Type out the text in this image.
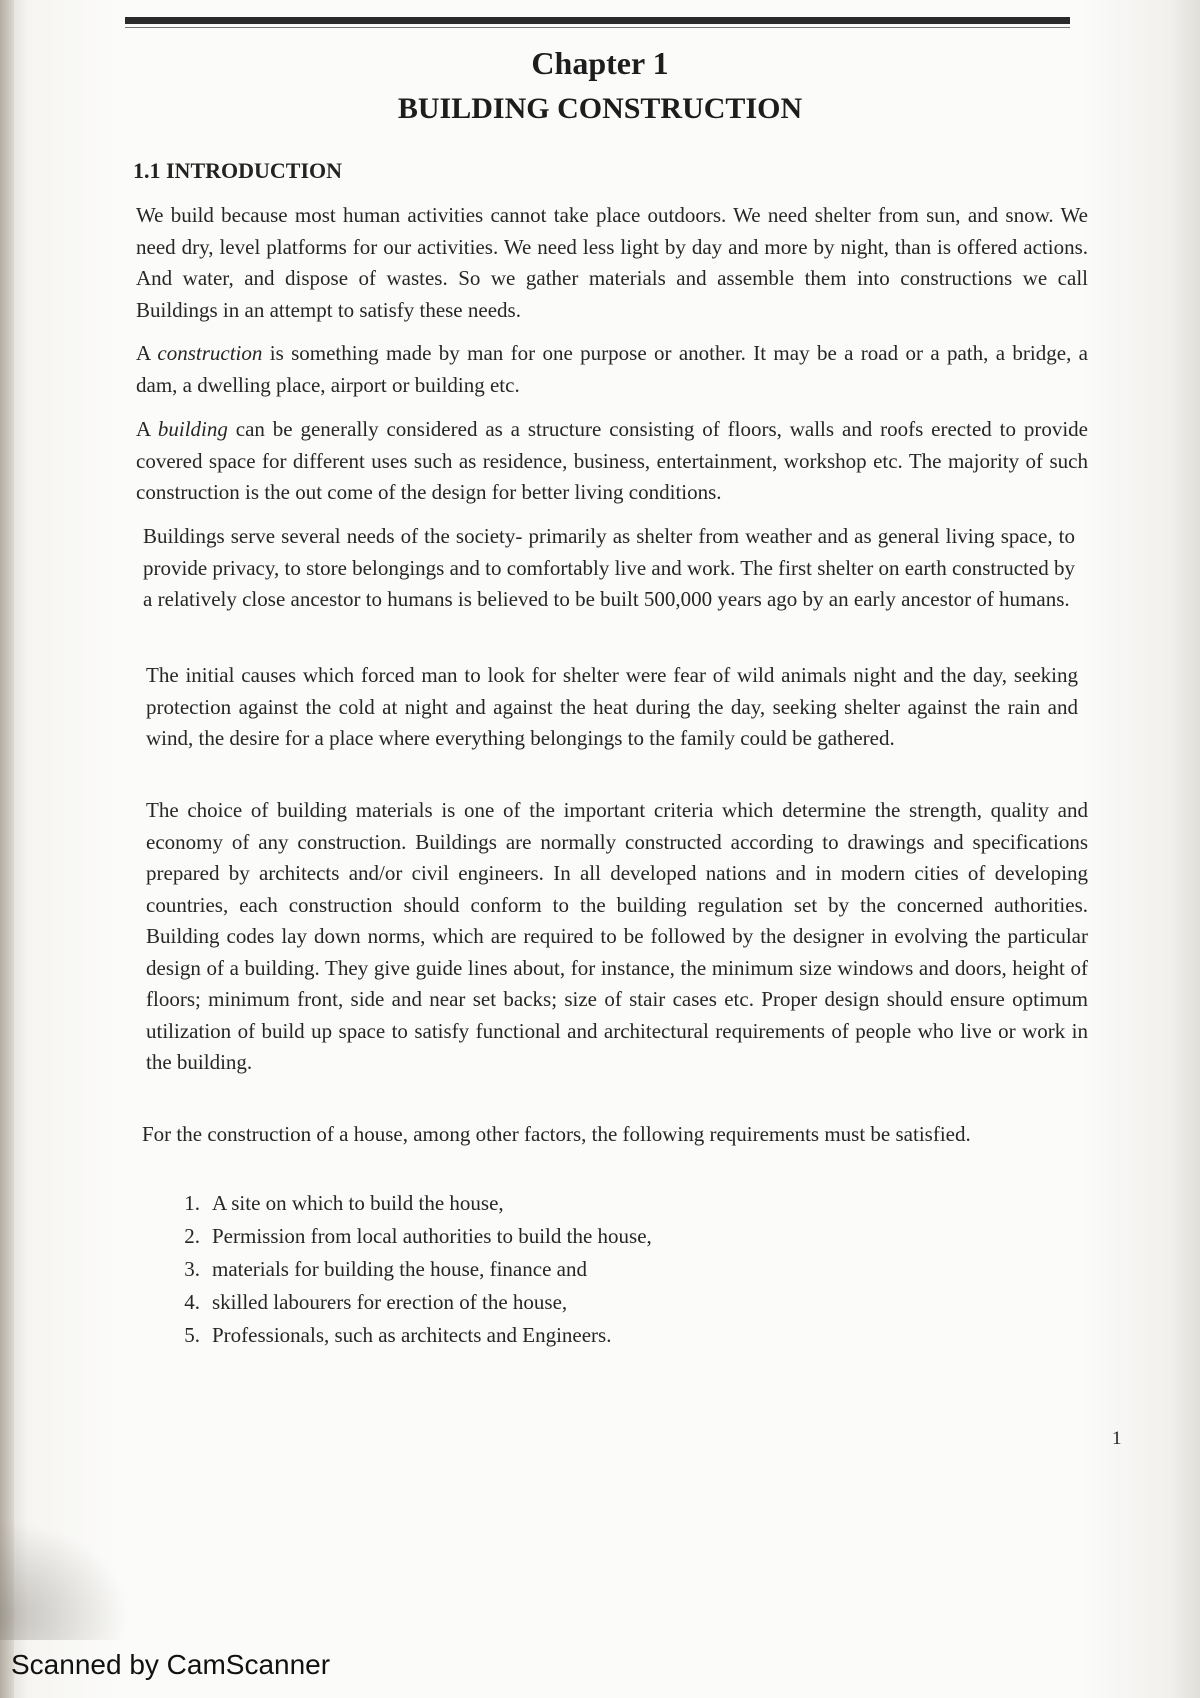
Chapter 1
BUILDING CONSTRUCTION
1.1 INTRODUCTION

We build because most human activities cannot take place outdoors. We need shelter from sun, and snow. We need dry, level platforms for our activities. We need less light by day and more by night, than is offered actions. And water, and dispose of wastes. So we gather materials and assemble them into constructions we call Buildings in an attempt to satisfy these needs.

A construction is something made by man for one purpose or another. It may be a road or a path, a bridge, a dam, a dwelling place, airport or building etc.

A building can be generally considered as a structure consisting of floors, walls and roofs erected to provide covered space for different uses such as residence, business, entertainment, workshop etc. The majority of such construction is the out come of the design for better living conditions.

Buildings serve several needs of the society- primarily as shelter from weather and as general living space, to provide privacy, to store belongings and to comfortably live and work. The first shelter on earth constructed by a relatively close ancestor to humans is believed to be built 500,000 years ago by an early ancestor of humans.

The initial causes which forced man to look for shelter were fear of wild animals night and the day, seeking protection against the cold at night and against the heat during the day, seeking shelter against the rain and wind, the desire for a place where everything belongings to the family could be gathered.

The choice of building materials is one of the important criteria which determine the strength, quality and economy of any construction. Buildings are normally constructed according to drawings and specifications prepared by architects and/or civil engineers. In all developed nations and in modern cities of developing countries, each construction should conform to the building regulation set by the concerned authorities. Building codes lay down norms, which are required to be followed by the designer in evolving the particular design of a building. They give guide lines about, for instance, the minimum size windows and doors, height of floors; minimum front, side and near set backs; size of stair cases etc. Proper design should ensure optimum utilization of build up space to satisfy functional and architectural requirements of people who live or work in the building.

For the construction of a house, among other factors, the following requirements must be satisfied.

1. A site on which to build the house,
2. Permission from local authorities to build the house,
3. materials for building the house, finance and
4. skilled labourers for erection of the house,
5. Professionals, such as architects and Engineers.
1
Scanned by CamScanner
